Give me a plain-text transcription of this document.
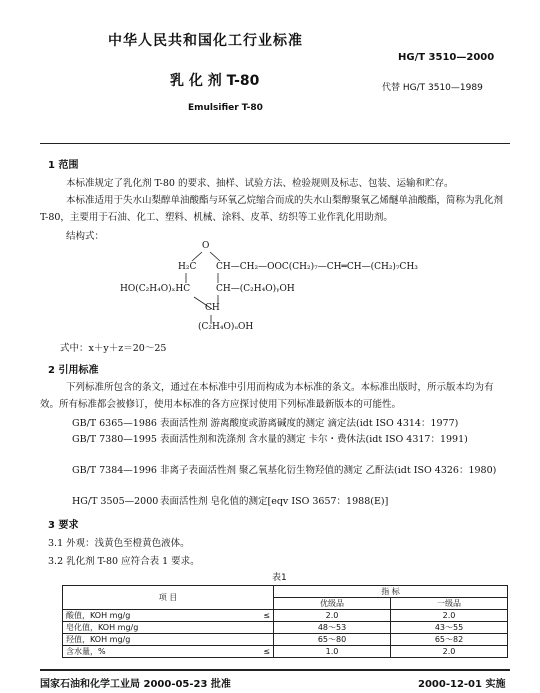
中华人民共和国化工行业标准
HG/T 3510—2000
乳 化 剂 T-80	代替 HG/T 3510—1989
Emulsifier T-80
1 范围
本标准规定了乳化剂 T-80 的要求、抽样、试验方法、检验规则及标志、包装、运输和贮存。
本标准适用于失水山梨醇单油酸酯与环氧乙烷缩合而成的失水山梨醇聚氧乙烯醚单油酸酯，简称为乳化剂 T-80，主要用于石油、化工、塑料、机械、涂料、皮革、纺织等工业作乳化用助剂。
结构式：
O
H₂C CH—CH₂—OOC(CH₂)₇—CH═CH—(CH₂)₇CH₃
HO(C₂H₄O)ₓHC	CH—(C₂H₄O)ᵧOH
CH
(C₂H₄O)ᵤOH
式中：x＋y＋z＝20～25
2 引用标准
下列标准所包含的条文，通过在本标准中引用而构成为本标准的条文。本标准出版时，所示版本均为有效。所有标准都会被修订，使用本标准的各方应探讨使用下列标准最新版本的可能性。
GB/T 6365—1986 表面活性剂 游离酸度或游离碱度的测定 滴定法(idt ISO 4314：1977)
GB/T 7380—1995 表面活性剂和洗涤剂 含水量的测定 卡尔・费休法(idt ISO 4317：1991)
GB/T 7384—1996 非离子表面活性剂 聚乙氧基化衍生物羟值的测定 乙酐法(idt ISO 4326：1980)
HG/T 3505—2000 表面活性剂 皂化值的测定[eqv ISO 3657：1988(E)]
3 要求
3.1 外观：浅黄色至橙黄色液体。
3.2 乳化剂 T-80 应符合表 1 要求。
表1
项 目		指 标	
		优级品	一级品
酸值，KOH mg/g	≤	2.0	2.0
皂化值，KOH mg/g		48～53	43～55
羟值，KOH mg/g		65～80	65～82
含水量，%	≤	1.0	2.0
国家石油和化学工业局 2000-05-23 批准	2000-12-01 实施
